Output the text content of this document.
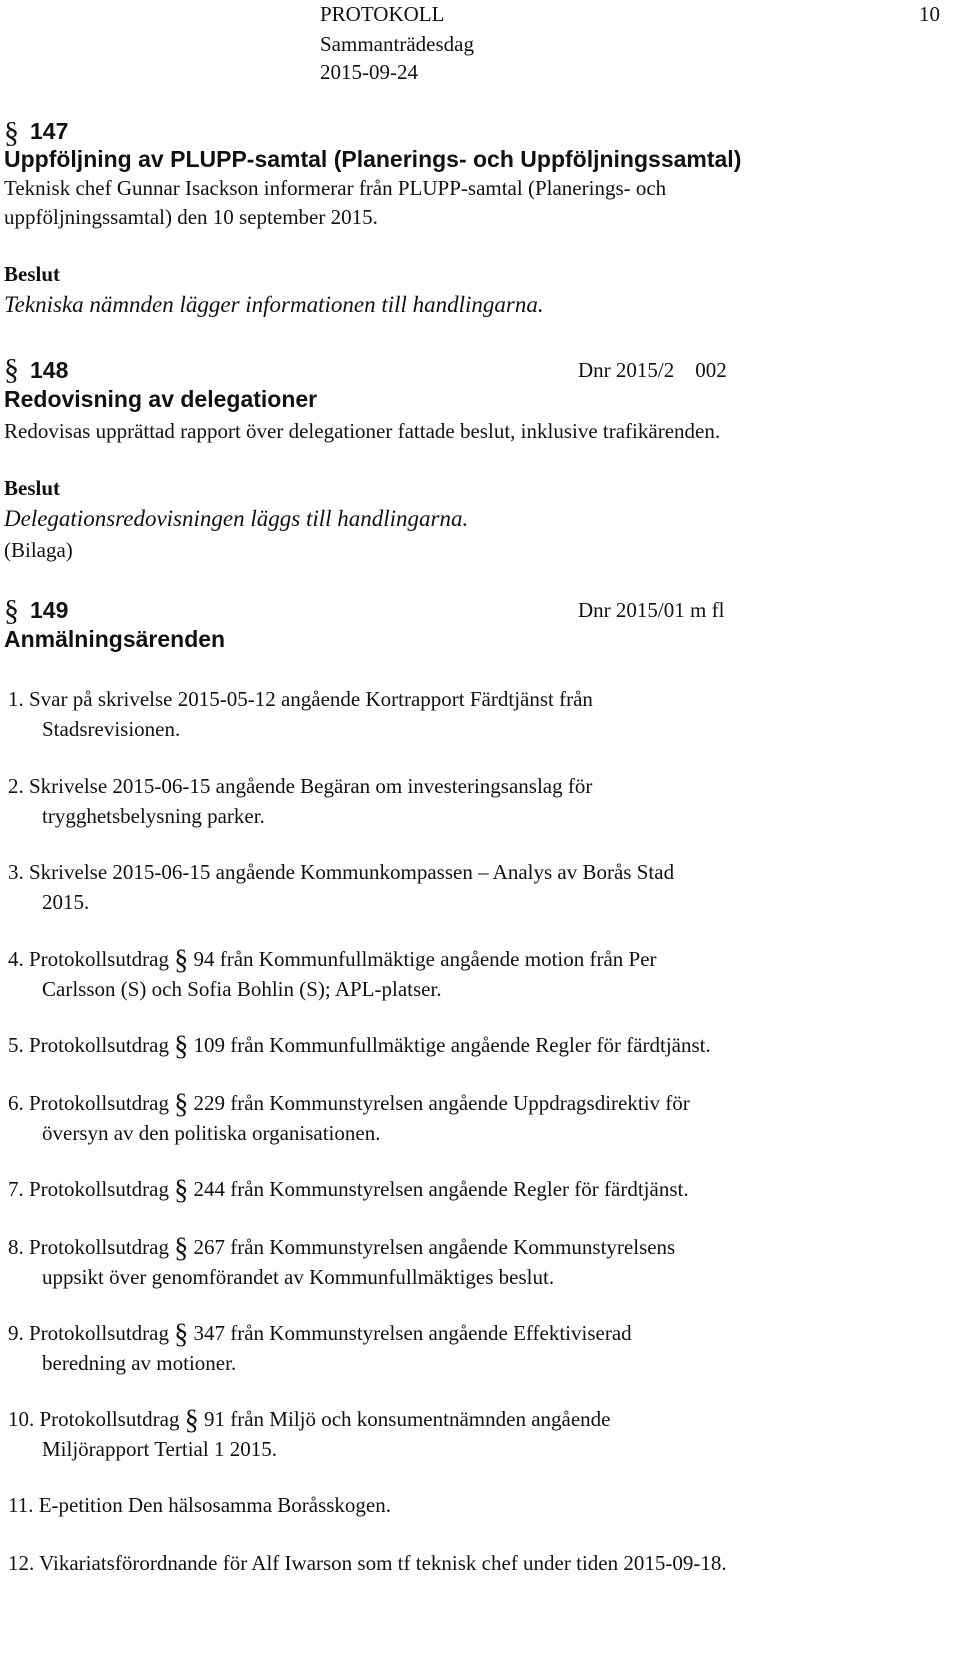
PROTOKOLL	10
Sammanträdesdag
2015-09-24
§ 147
Uppföljning av PLUPP-samtal (Planerings- och Uppföljningssamtal)
Teknisk chef Gunnar Isackson informerar från PLUPP-samtal (Planerings- och
uppföljningssamtal) den 10 september 2015.
Beslut
Tekniska nämnden lägger informationen till handlingarna.
§ 148	Dnr 2015/2    002
Redovisning av delegationer
Redovisas upprättad rapport över delegationer fattade beslut, inklusive trafikärenden.
Beslut
Delegationsredovisningen läggs till handlingarna.
(Bilaga)
§ 149	Dnr 2015/01 m fl
Anmälningsärenden
1. Svar på skrivelse 2015-05-12 angående Kortrapport Färdtjänst från
Stadsrevisionen.
2. Skrivelse 2015-06-15 angående Begäran om investeringsanslag för
trygghetsbelysning parker.
3. Skrivelse 2015-06-15 angående Kommunkompassen – Analys av Borås Stad
2015.
4. Protokollsutdrag § 94 från Kommunfullmäktige angående motion från Per
Carlsson (S) och Sofia Bohlin (S); APL-platser.
5. Protokollsutdrag § 109 från Kommunfullmäktige angående Regler för färdtjänst.
6. Protokollsutdrag § 229 från Kommunstyrelsen angående Uppdragsdirektiv för
översyn av den politiska organisationen.
7. Protokollsutdrag § 244 från Kommunstyrelsen angående Regler för färdtjänst.
8. Protokollsutdrag § 267 från Kommunstyrelsen angående Kommunstyrelsens
uppsikt över genomförandet av Kommunfullmäktiges beslut.
9. Protokollsutdrag § 347 från Kommunstyrelsen angående Effektiviserad
beredning av motioner.
10. Protokollsutdrag § 91 från Miljö och konsumentnämnden angående
Miljörapport Tertial 1 2015.
11. E-petition Den hälsosamma Boråsskogen.
12. Vikariatsförordnande för Alf Iwarson som tf teknisk chef under tiden 2015-09-18.
